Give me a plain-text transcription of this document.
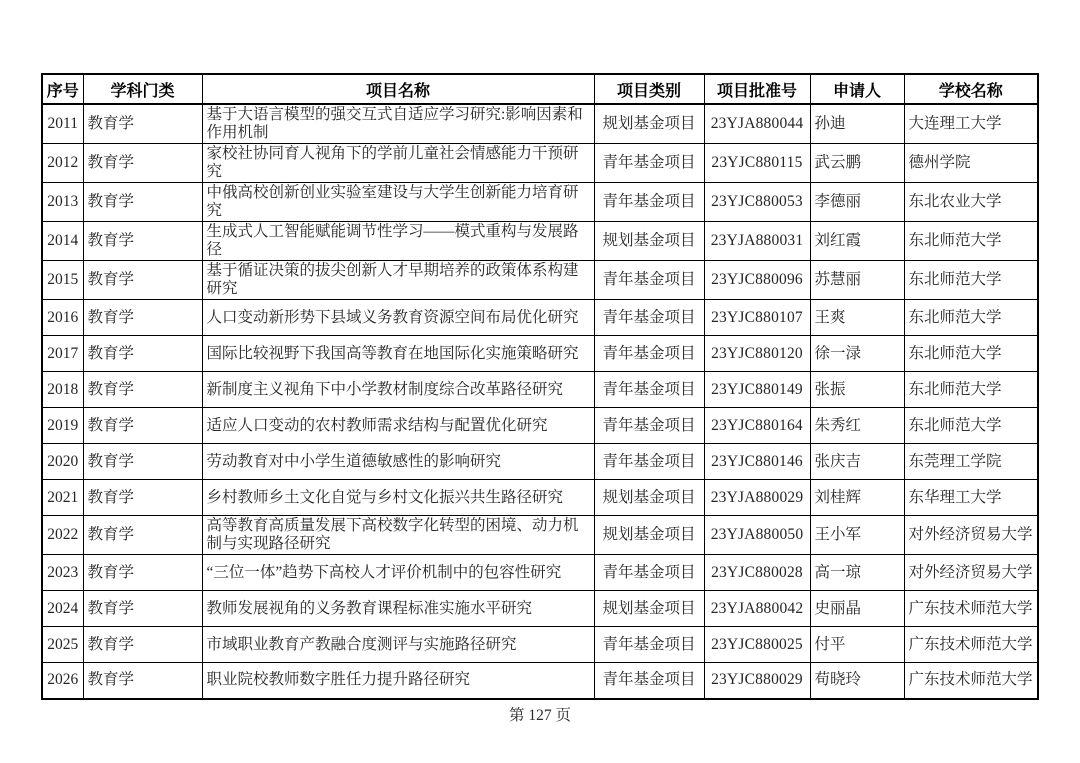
序号	学科门类	项目名称	项目类别	项目批准号	申请人	学校名称
2011	教育学	基于大语言模型的强交互式自适应学习研究:影响因素和作用机制	规划基金项目	23YJA880044	孙迪	大连理工大学
2012	教育学	家校社协同育人视角下的学前儿童社会情感能力干预研究	青年基金项目	23YJC880115	武云鹏	德州学院
2013	教育学	中俄高校创新创业实验室建设与大学生创新能力培育研究	青年基金项目	23YJC880053	李德丽	东北农业大学
2014	教育学	生成式人工智能赋能调节性学习——模式重构与发展路径	规划基金项目	23YJA880031	刘红霞	东北师范大学
2015	教育学	基于循证决策的拔尖创新人才早期培养的政策体系构建研究	青年基金项目	23YJC880096	苏慧丽	东北师范大学
2016	教育学	人口变动新形势下县域义务教育资源空间布局优化研究	青年基金项目	23YJC880107	王爽	东北师范大学
2017	教育学	国际比较视野下我国高等教育在地国际化实施策略研究	青年基金项目	23YJC880120	徐一渌	东北师范大学
2018	教育学	新制度主义视角下中小学教材制度综合改革路径研究	青年基金项目	23YJC880149	张振	东北师范大学
2019	教育学	适应人口变动的农村教师需求结构与配置优化研究	青年基金项目	23YJC880164	朱秀红	东北师范大学
2020	教育学	劳动教育对中小学生道德敏感性的影响研究	青年基金项目	23YJC880146	张庆吉	东莞理工学院
2021	教育学	乡村教师乡土文化自觉与乡村文化振兴共生路径研究	规划基金项目	23YJA880029	刘桂辉	东华理工大学
2022	教育学	高等教育高质量发展下高校数字化转型的困境、动力机制与实现路径研究	规划基金项目	23YJA880050	王小军	对外经济贸易大学
2023	教育学	“三位一体”趋势下高校人才评价机制中的包容性研究	青年基金项目	23YJC880028	高一琼	对外经济贸易大学
2024	教育学	教师发展视角的义务教育课程标准实施水平研究	规划基金项目	23YJA880042	史丽晶	广东技术师范大学
2025	教育学	市域职业教育产教融合度测评与实施路径研究	青年基金项目	23YJC880025	付平	广东技术师范大学
2026	教育学	职业院校教师数字胜任力提升路径研究	青年基金项目	23YJC880029	苟晓玲	广东技术师范大学
第 127 页
